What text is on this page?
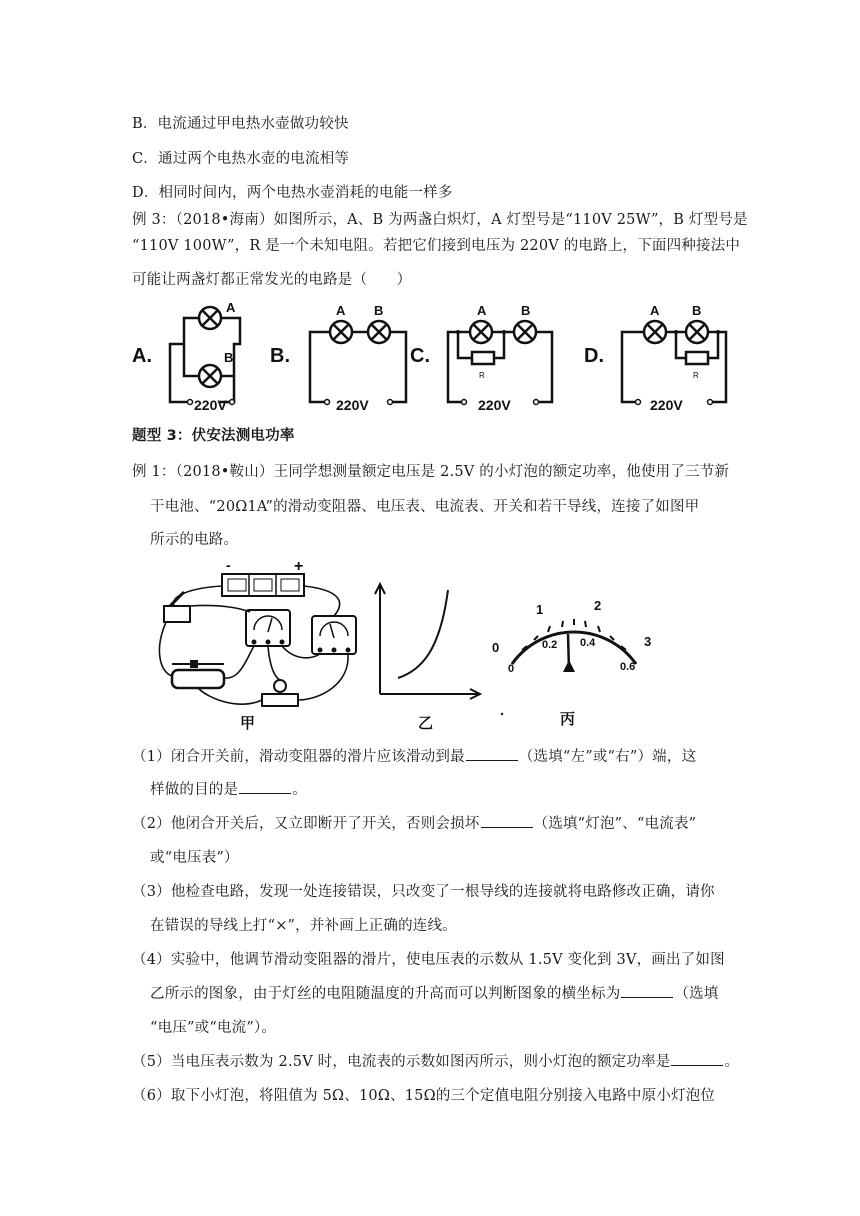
B．电流通过甲电热水壶做功较快
C．通过两个电热水壶的电流相等
D．相同时间内，两个电热水壶消耗的电能一样多
例 3：（2018•海南）如图所示，A、B 为两盏白炽灯，A 灯型号是“110V 25W”，B 灯型号是
“110V 100W”，R 是一个未知电阻。若把它们接到电压为 220V 的电路上，下面四种接法中
可能让两盏灯都正常发光的电路是（　　）
A.
A
B
220V
B.
A B
220V
C.
A	B
R
220V
D.
A	B
R
220V
题型 3：伏安法测电功率
例 1：（2018•鞍山）王同学想测量额定电压是 2.5V 的小灯泡的额定功率，他使用了三节新
干电池、“20Ω1A”的滑动变阻器、电压表、电流表、开关和若干导线，连接了如图甲
所示的电路。
-	+
甲	乙
0
1	2
3
0
0.2 0.4
0.6
丙
（1）闭合开关前，滑动变阻器的滑片应该滑动到最	（选填“左”或“右”）端，这
样做的目的是	。
（2）他闭合开关后，又立即断开了开关，否则会损坏	（选填“灯泡”、“电流表”
或“电压表”）
（3）他检查电路，发现一处连接错误，只改变了一根导线的连接就将电路修改正确，请你
在错误的导线上打“×”，并补画上正确的连线。
（4）实验中，他调节滑动变阻器的滑片，使电压表的示数从 1.5V 变化到 3V，画出了如图
乙所示的图象，由于灯丝的电阻随温度的升高而可以判断图象的横坐标为	（选填
“电压”或“电流”）。
（5）当电压表示数为 2.5V 时，电流表的示数如图丙所示，则小灯泡的额定功率是	。
（6）取下小灯泡，将阻值为 5Ω、10Ω、15Ω的三个定值电阻分别接入电路中原小灯泡位
